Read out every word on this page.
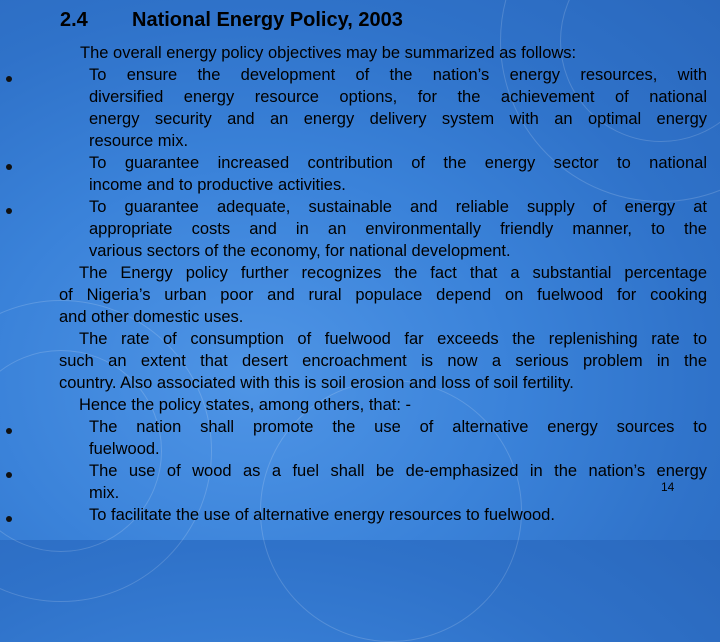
2.4 National Energy Policy, 2003
The overall energy policy objectives may be summarized as follows:
To ensure the development of the nation’s energy resources, with
diversified energy resource options, for the achievement of national
energy security and an energy delivery system with an optimal energy
resource mix.
To guarantee increased contribution of the energy sector to national
income and to productive activities.
To guarantee adequate, sustainable and reliable supply of energy at
appropriate costs and in an environmentally friendly manner, to the
various sectors of the economy, for national development.
The Energy policy further recognizes the fact that a substantial percentage
of Nigeria’s urban poor and rural populace depend on fuelwood for cooking
and other domestic uses.
The rate of consumption of fuelwood far exceeds the replenishing rate to
such an extent that desert encroachment is now a serious problem in the
country. Also associated with this is soil erosion and loss of soil fertility.
Hence the policy states, among others, that: -
The nation shall promote the use of alternative energy sources to
fuelwood.
The use of wood as a fuel shall be de-emphasized in the nation’s energy
mix.
To facilitate the use of alternative energy resources to fuelwood.
14
